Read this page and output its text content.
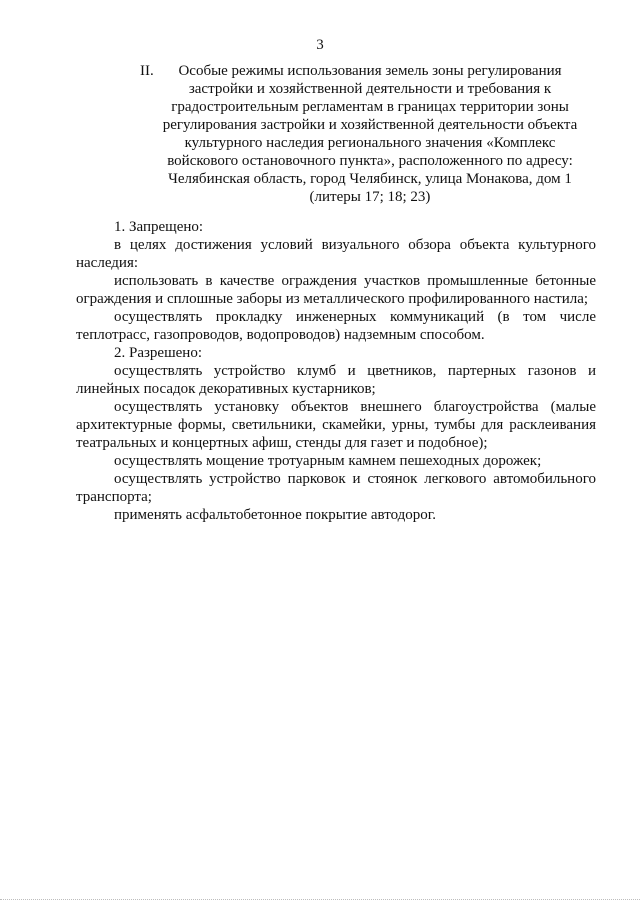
3
II.	Особые режимы использования земель зоны регулирования
застройки и хозяйственной деятельности и требования к
градостроительным регламентам в границах территории зоны
регулирования застройки и хозяйственной деятельности объекта
культурного наследия регионального значения «Комплекс
войскового остановочного пункта», расположенного по адресу:
Челябинская область, город Челябинск, улица Монакова, дом 1
(литеры 17; 18; 23)

1. Запрещено:

в целях достижения условий визуального обзора объекта культурного наследия:

использовать в качестве ограждения участков промышленные бетонные ограждения и сплошные заборы из металлического профилированного настила;

осуществлять прокладку инженерных коммуникаций (в том числе теплотрасс, газопроводов, водопроводов) надземным способом.

2. Разрешено:

осуществлять устройство клумб и цветников, партерных газонов и линейных посадок декоративных кустарников;

осуществлять установку объектов внешнего благоустройства (малые архитектурные формы, светильники, скамейки, урны, тумбы для расклеивания театральных и концертных афиш, стенды для газет и подобное);

осуществлять мощение тротуарным камнем пешеходных дорожек;

осуществлять устройство парковок и стоянок легкового автомобильного транспорта;

применять асфальтобетонное покрытие автодорог.
